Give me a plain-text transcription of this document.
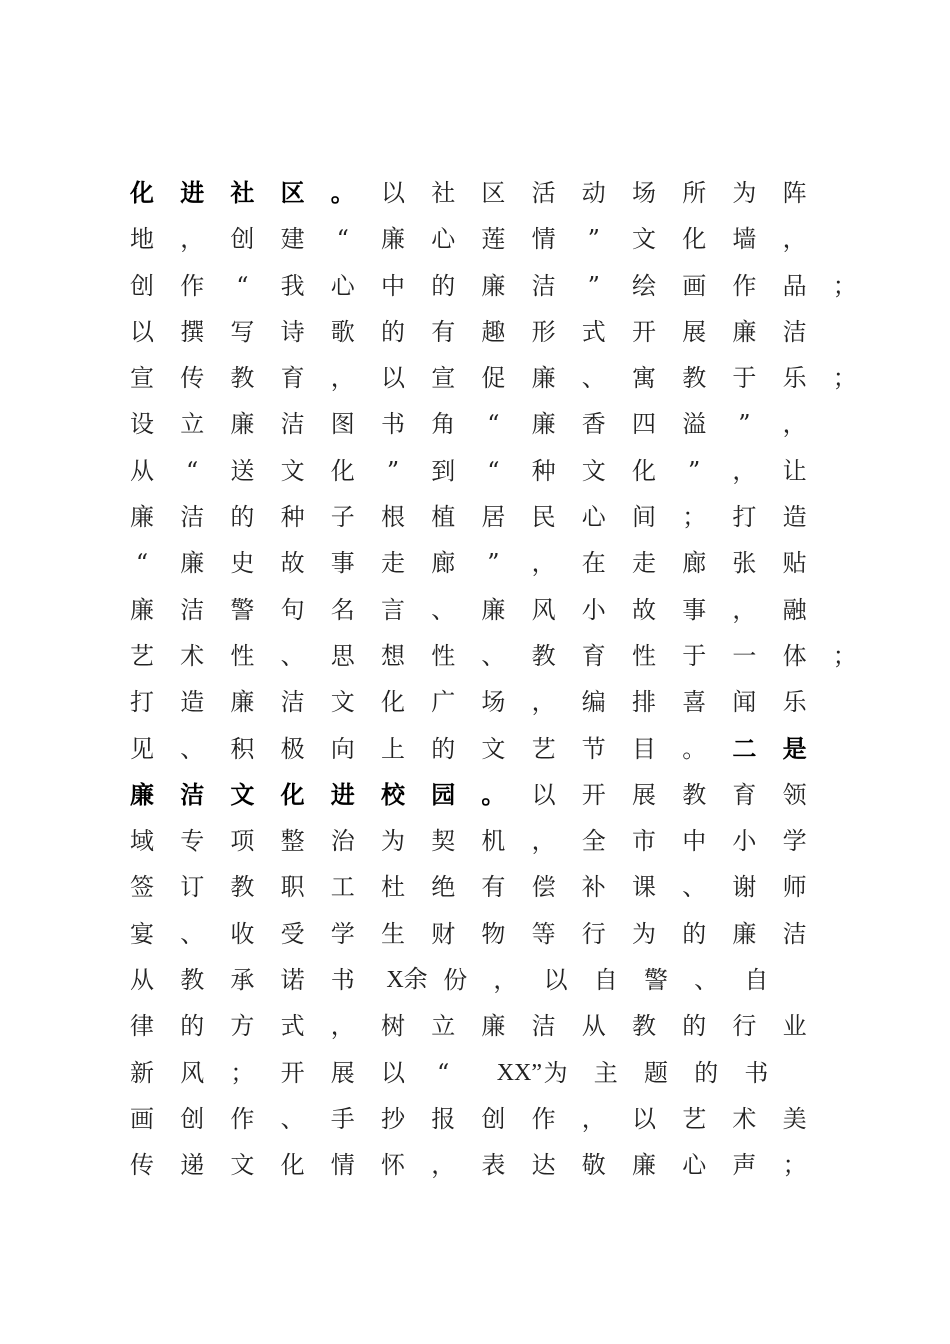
化 进 社 区 。 以 社 区 活 动 场 所 为 阵
地 ， 创 建	“	廉 心 莲 情	”	文 化 墙 ，
创 作	“	我 心 中 的 廉 洁	”	绘 画 作 品 ；
以 撰 写 诗 歌 的 有 趣 形 式 开 展 廉 洁
宣 传 教 育 ， 以 宣 促 廉 、 寓 教 于 乐 ；
设 立 廉 洁 图 书 角	“	廉 香 四 溢	”	，
从	“	送 文 化	”	到	“	种 文 化	”	， 让
廉 洁 的 种 子 根 植 居 民 心 间 ； 打 造
“	廉 史 故 事 走 廊	”	， 在 走 廊 张 贴
廉 洁 警 句 名 言 、 廉 风 小 故 事 ， 融
艺 术 性 、 思 想 性 、 教 育 性 于 一 体 ；
打 造 廉 洁 文 化 广 场 ， 编 排 喜 闻 乐
见 、 积 极 向 上 的 文 艺 节 目 。 二 是
廉 洁 文 化 进 校 园 。 以 开 展 教 育 领
域 专 项 整 治 为 契 机 ， 全 市 中 小 学
签 订 教 职 工 杜 绝 有 偿 补 课 、 谢 师
宴 、 收 受 学 生 财 物 等 行 为 的 廉 洁
从 教 承 诺 书	X余 份 ， 以 自 警 、 自
律 的 方 式 ， 树 立 廉 洁 从 教 的 行 业
新 风 ； 开 展 以	“	XX” 为 主 题 的 书
画 创 作 、 手 抄 报 创 作 ， 以 艺 术 美
传 递 文 化 情 怀 ， 表 达 敬 廉 心 声 ；
